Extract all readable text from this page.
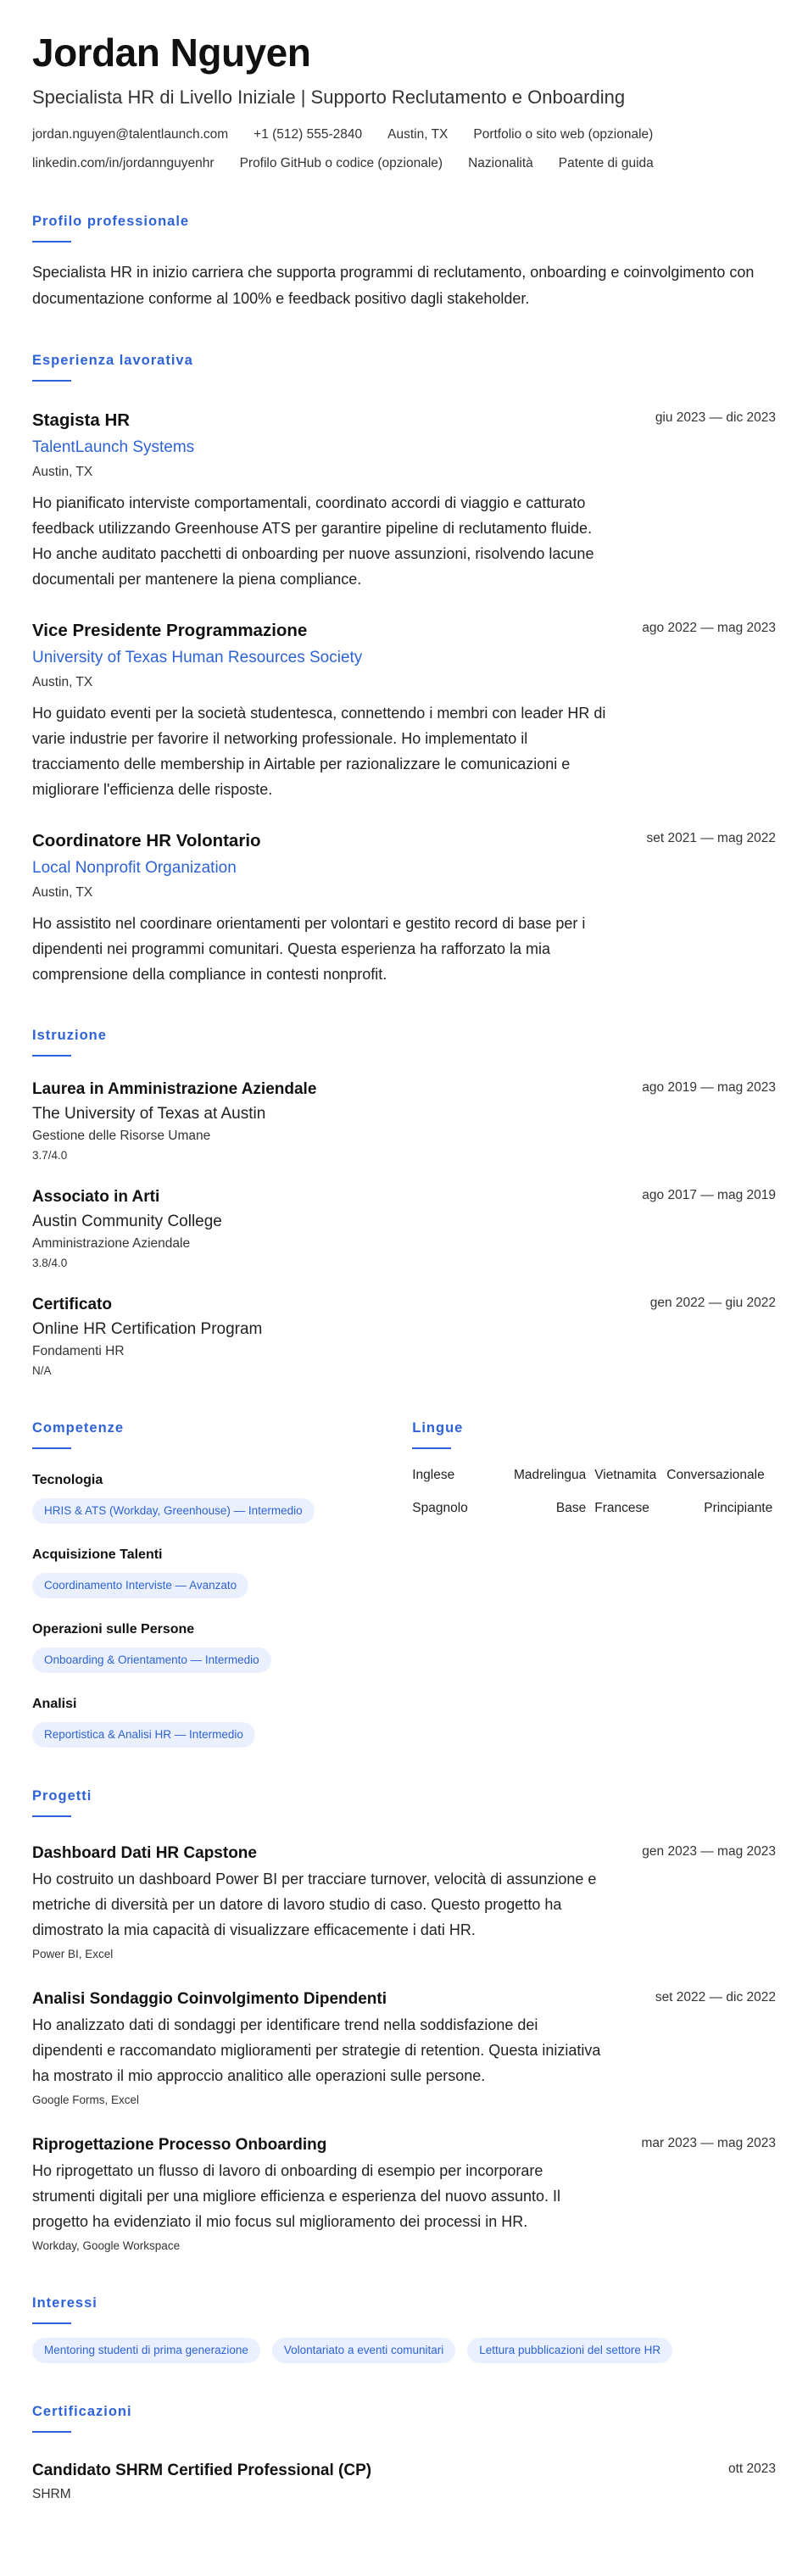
Jordan Nguyen
Specialista HR di Livello Iniziale | Supporto Reclutamento e Onboarding
jordan.nguyen@talentlaunch.com +1 (512) 555-2840 Austin, TX Portfolio o sito web (opzionale)
linkedin.com/in/jordannguyenhr Profilo GitHub o codice (opzionale) Nazionalità Patente di guida
Profilo professionale
Specialista HR in inizio carriera che supporta programmi di reclutamento, onboarding e coinvolgimento con documentazione conforme al 100% e feedback positivo dagli stakeholder.
Esperienza lavorativa
giu 2023 — dic 2023
Stagista HR
TalentLaunch Systems
Austin, TX
Ho pianificato interviste comportamentali, coordinato accordi di viaggio e catturato feedback utilizzando Greenhouse ATS per garantire pipeline di reclutamento fluide. Ho anche auditato pacchetti di onboarding per nuove assunzioni, risolvendo lacune documentali per mantenere la piena compliance.
ago 2022 — mag 2023
Vice Presidente Programmazione
University of Texas Human Resources Society
Austin, TX
Ho guidato eventi per la società studentesca, connettendo i membri con leader HR di varie industrie per favorire il networking professionale. Ho implementato il tracciamento delle membership in Airtable per razionalizzare le comunicazioni e migliorare l'efficienza delle risposte.
set 2021 — mag 2022
Coordinatore HR Volontario
Local Nonprofit Organization
Austin, TX
Ho assistito nel coordinare orientamenti per volontari e gestito record di base per i dipendenti nei programmi comunitari. Questa esperienza ha rafforzato la mia comprensione della compliance in contesti nonprofit.
Istruzione
ago 2019 — mag 2023
Laurea in Amministrazione Aziendale
The University of Texas at Austin
Gestione delle Risorse Umane
3.7/4.0
ago 2017 — mag 2019
Associato in Arti
Austin Community College
Amministrazione Aziendale
3.8/4.0
gen 2022 — giu 2022
Certificato
Online HR Certification Program
Fondamenti HR
N/A
Competenze
Tecnologia
HRIS & ATS (Workday, Greenhouse) — Intermedio
Acquisizione Talenti
Coordinamento Interviste — Avanzato
Operazioni sulle Persone
Onboarding & Orientamento — Intermedio
Analisi
Reportistica & Analisi HR — Intermedio
Lingue
Inglese	Madrelingua Vietnamita Conversazionale
Spagnolo	Base Francese	Principiante
Progetti
gen 2023 — mag 2023
Dashboard Dati HR Capstone
Ho costruito un dashboard Power BI per tracciare turnover, velocità di assunzione e metriche di diversità per un datore di lavoro studio di caso. Questo progetto ha dimostrato la mia capacità di visualizzare efficacemente i dati HR.
Power BI, Excel
set 2022 — dic 2022
Analisi Sondaggio Coinvolgimento Dipendenti
Ho analizzato dati di sondaggi per identificare trend nella soddisfazione dei dipendenti e raccomandato miglioramenti per strategie di retention. Questa iniziativa ha mostrato il mio approccio analitico alle operazioni sulle persone.
Google Forms, Excel
mar 2023 — mag 2023
Riprogettazione Processo Onboarding
Ho riprogettato un flusso di lavoro di onboarding di esempio per incorporare strumenti digitali per una migliore efficienza e esperienza del nuovo assunto. Il progetto ha evidenziato il mio focus sul miglioramento dei processi in HR.
Workday, Google Workspace
Interessi
Mentoring studenti di prima generazione	Volontariato a eventi comunitari	Lettura pubblicazioni del settore HR
Certificazioni
ott 2023
Candidato SHRM Certified Professional (CP)
SHRM
